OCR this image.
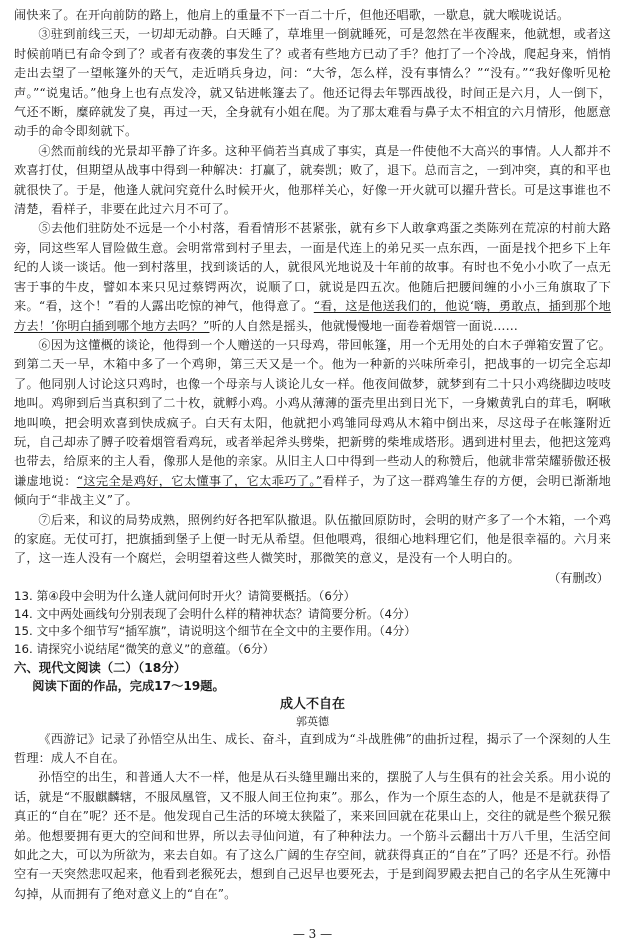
闹快来了。在开向前防的路上，他肩上的重量不下一百二十斤，但他还唱歌，一歇息，就大喉咙说话。

③驻到前线三天，一切却无动静。白天睡了，草堆里一倒就睡死，可是忽然在半夜醒来，他就想，或者这时候前哨已有命令到了？或者有夜袭的事发生了？或者有些地方已动了手？他打了一个冷战，爬起身来，悄悄走出去望了一望帐篷外的天气，走近哨兵身边，问：“大爷，怎么样，没有事情么？”“没有。”“我好像听见枪声。”“说鬼话。”他身上也有点发冷，就又钻进帐篷去了。他还记得去年鄂西战役，时间正是六月，人一倒下，气还不断，糜碎就发了臭，再过一天，全身就有小姐在爬。为了那太难看与鼻子太不相宜的六月情形，他愿意动手的命令即刻就下。

④然而前线的光景却平静了许多。这种平倘若当真成了事实，真是一件使他不大高兴的事情。人人都并不欢喜打仗，但期望从战事中得到一种解决：打赢了，就奏凯；败了，退下。总而言之，一到冲突，真的和平也就很快了。于是，他逢人就问究竟什么时候开火，他那样关心，好像一开火就可以擢升营长。可是这事谁也不清楚，看样子，非要在此过六月不可了。

⑤去他们驻防处不远是一个小村落，看看情形不甚紧张，就有乡下人敢拿鸡蛋之类陈列在荒凉的村前大路旁，同这些军人冒险做生意。会明常常到村子里去，一面是代连上的弟兄买一点东西，一面是找个把乡下上年纪的人谈一谈话。他一到村落里，找到谈话的人，就很风光地说及十年前的故事。有时也不免小小吹了一点无害于事的牛皮，譬如本来只见过蔡锷两次，说顺了口，就说是四五次。他随后把腰间缠的小小三角旗取了下来。“看，这个！”看的人露出吃惊的神气，他得意了。“看，这是他送我们的，他说‘嗨，勇敢点，插到那个地方去！’你明白插到哪个地方去吗？”听的人自然是摇头，他就慢慢地一面卷着烟管一面说……

⑥因为这懂概的谈论，他得到一个人赠送的一只母鸡，带回帐篷，用一个无用处的白木子弹箱安置了它。到第二天一早，木箱中多了一个鸡卵，第三天又是一个。他为一种新的兴味所牵引，把战事的一切完全忘却了。他同别人讨论这只鸡时，也像一个母亲与人谈论儿女一样。他夜间做梦，就梦到有二十只小鸡绕脚边吱吱地叫。鸡卵到后当真积到了二十枚，就孵小鸡。小鸡从薄薄的蛋壳里出到日光下，一身嫩黄乳白的茸毛，啊啾地叫唤，把会明欢喜到快成疯子。白天有太阳，他就把小鸡雏同母鸡从木箱中倒出来，尽这母子在帐篷附近玩，自己却赤了膊子咬着烟管看鸡玩，或者举起斧头劈柴，把新劈的柴堆成塔形。遇到进村里去，他把这笼鸡也带去，给原来的主人看，像那人是他的亲家。从旧主人口中得到一些动人的称赞后，他就非常荣耀骄傲还极谦虚地说：“这完全是鸡好，它太懂事了，它太乖巧了。”看样子，为了这一群鸡雏生存的方便，会明已渐渐地倾向于“非战主义”了。

⑦后来，和议的局势成熟，照例约好各把军队撤退。队伍撤回原防时，会明的财产多了一个木箱，一个鸡的家庭。无仗可打，把旗插到堡子上便一时无从希望。但他喂鸡，很细心地料理它们，他是很幸福的。六月来了，这一连人没有一个腐烂，会明望着这些人微笑时，那微笑的意义，是没有一个人明白的。

（有删改）

13. 第④段中会明为什么逢人就问何时开火？请简要概括。（6分）

14. 文中两处画线句分别表现了会明什么样的精神状态？请简要分析。（4分）

15. 文中多个细节写“插军旗”，请说明这个细节在全文中的主要作用。（4分）

16. 请探究小说结尾“微笑的意义”的意蕴。（6分）

六、现代文阅读（二）（18分）

阅读下面的作品，完成17～19题。

成人不自在

郭英德

《西游记》记录了孙悟空从出生、成长、奋斗，直到成为“斗战胜佛”的曲折过程，揭示了一个深刻的人生哲理：成人不自在。

孙悟空的出生，和普通人大不一样，他是从石头缝里蹦出来的，摆脱了人与生俱有的社会关系。用小说的话，就是“不服麒麟辖，不服凤凰管，又不服人间王位拘束”。那么，作为一个原生态的人，他是不是就获得了真正的“自在”呢？还不是。他发现自己生活的环境太狭隘了，来来回回就在花果山上，交往的就是些个猴兄猴弟。他想要拥有更大的空间和世界，所以去寻仙问道，有了种种法力。一个筋斗云翻出十万八千里，生活空间如此之大，可以为所欲为，来去自如。有了这么广阔的生存空间，就获得真正的“自在”了吗？还是不行。孙悟空有一天突然悲叹起来，他看到老猴死去，想到自己迟早也要死去，于是到阎罗殿去把自己的名字从生死簿中勾掉，从而拥有了绝对意义上的“自在”。

— 3 —
